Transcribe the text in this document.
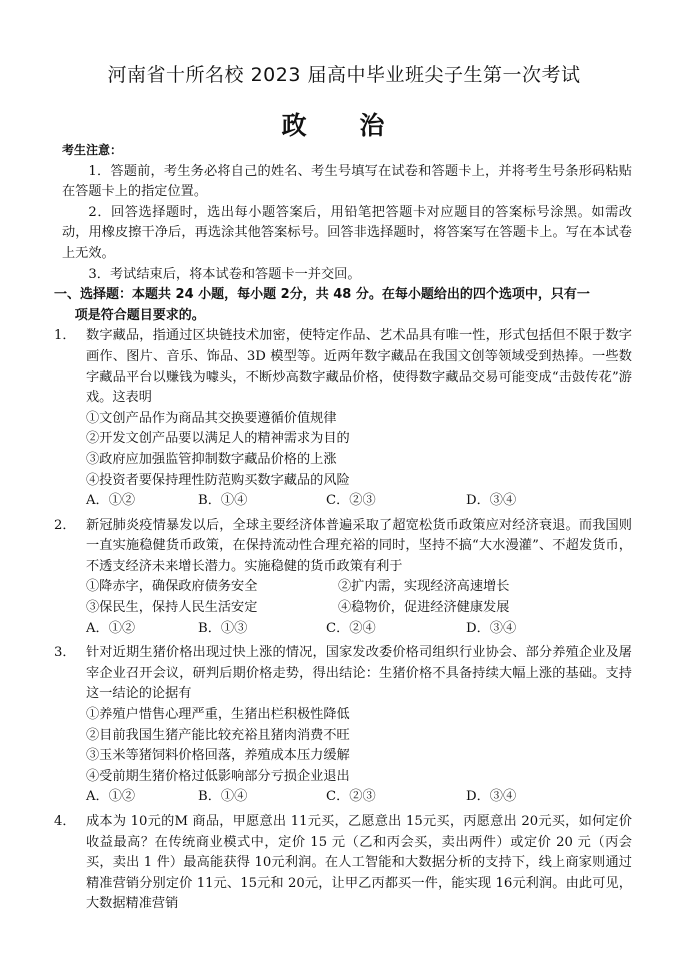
河南省十所名校 2023 届高中毕业班尖子生第一次考试
政 治
考生注意：
1．答题前，考生务必将自己的姓名、考生号填写在试卷和答题卡上，并将考生号条形码粘贴在答题卡上的指定位置。
2．回答选择题时，选出每小题答案后，用铅笔把答题卡对应题目的答案标号涂黑。如需改动，用橡皮擦干净后，再选涂其他答案标号。回答非选择题时，将答案写在答题卡上。写在本试卷上无效。
3．考试结束后，将本试卷和答题卡一并交回。
一、选择题：本题共 24 小题，每小题 2分，共 48 分。在每小题给出的四个选项中，只有一
项是符合题目要求的。
1． 数字藏品，指通过区块链技术加密，使特定作品、艺术品具有唯一性，形式包括但不限于数字画作、图片、音乐、饰品、3D 模型等。近两年数字藏品在我国文创等领域受到热捧。一些数字藏品平台以赚钱为噱头，不断炒高数字藏品价格，使得数字藏品交易可能变成“击鼓传花”游戏。这表明
①文创产品作为商品其交换要遵循价值规律
②开发文创产品要以满足人的精神需求为目的
③政府应加强监管抑制数字藏品价格的上涨
④投资者要保持理性防范购买数字藏品的风险
A．①②	B．①④	C．②③	D．③④
2． 新冠肺炎疫情暴发以后，全球主要经济体普遍采取了超宽松货币政策应对经济衰退。而我国则一直实施稳健货币政策，在保持流动性合理充裕的同时，坚持不搞“大水漫灌”、不超发货币，不透支经济未来增长潜力。实施稳健的货币政策有利于
①降赤字，确保政府债务安全	②扩内需，实现经济高速增长
③保民生，保持人民生活安定	④稳物价，促进经济健康发展
A．①②	B．①③	C．②④	D．③④
3． 针对近期生猪价格出现过快上涨的情况，国家发改委价格司组织行业协会、部分养殖企业及屠宰企业召开会议，研判后期价格走势，得出结论：生猪价格不具备持续大幅上涨的基础。支持这一结论的论据有
①养殖户惜售心理严重，生猪出栏积极性降低
②目前我国生猪产能比较充裕且猪肉消费不旺
③玉米等猪饲料价格回落，养殖成本压力缓解
④受前期生猪价格过低影响部分亏损企业退出
A．①②	B．①④	C．②③	D．③④
4． 成本为 10元的M 商品，甲愿意出 11元买，乙愿意出 15元买，丙愿意出 20元买，如何定价收益最高？在传统商业模式中，定价 15 元（乙和丙会买，卖出两件）或定价 20 元（丙会买，卖出 1 件）最高能获得 10元利润。在人工智能和大数据分析的支持下，线上商家则通过精准营销分别定价 11元、15元和 20元，让甲乙丙都买一件，能实现 16元利润。由此可见，大数据精准营销
